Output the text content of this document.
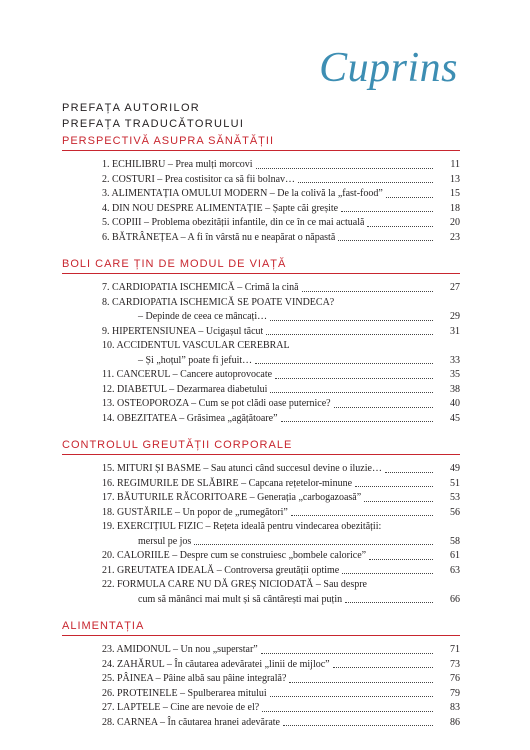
Cuprins
PREFAȚA AUTORILOR
PREFAȚA TRADUCĂTORULUI
PERSPECTIVĂ ASUPRA SĂNĂTĂȚII
1. ECHILIBRU – Prea mulți morcovi	11
2. COSTURI – Prea costisitor ca să fii bolnav…	13
3. ALIMENTAȚIA OMULUI MODERN – De la colivă la „fast-food”	15
4. DIN NOU DESPRE ALIMENTAȚIE – Șapte căi greșite	18
5. COPIII – Problema obezității infantile, din ce în ce mai actuală	20
6. BĂTRÂNEȚEA – A fi în vârstă nu e neapărat o năpastă	23
BOLI CARE ȚIN DE MODUL DE VIAȚĂ
7. CARDIOPATIA ISCHEMICĂ – Crimă la cină	27
8. CARDIOPATIA ISCHEMICĂ SE POATE VINDECA?
– Depinde de ceea ce mâncați…	29
9. HIPERTENSIUNEA – Ucigașul tăcut	31
10. ACCIDENTUL VASCULAR CEREBRAL
– Și „hoțul” poate fi jefuit…	33
11. CANCERUL – Cancere autoprovocate	35
12. DIABETUL – Dezarmarea diabetului	38
13. OSTEOPOROZA – Cum se pot clădi oase puternice?	40
14. OBEZITATEA – Grăsimea „agățătoare”	45
CONTROLUL GREUTĂȚII CORPORALE
15. MITURI ȘI BASME – Sau atunci când succesul devine o iluzie…	49
16. REGIMURILE DE SLĂBIRE – Capcana rețetelor-minune	51
17. BĂUTURILE RĂCORITOARE – Generația „carbogazoasă”	53
18. GUSTĂRILE – Un popor de „rumegători”	56
19. EXERCIȚIUL FIZIC – Rețeta ideală pentru vindecarea obezității:
mersul pe jos	58
20. CALORIILE – Despre cum se construiesc „bombele calorice”	61
21. GREUTATEA IDEALĂ – Controversa greutății optime	63
22. FORMULA CARE NU DĂ GREȘ NICIODATĂ – Sau despre
cum să mănânci mai mult și să cântărești mai puțin	66
ALIMENTAȚIA
23. AMIDONUL – Un nou „superstar”	71
24. ZAHĂRUL – În căutarea adevăratei „linii de mijloc”	73
25. PÂINEA – Pâine albă sau pâine integrală?	76
26. PROTEINELE – Spulberarea mitului	79
27. LAPTELE – Cine are nevoie de el?	83
28. CARNEA – În căutarea hranei adevărate	86
